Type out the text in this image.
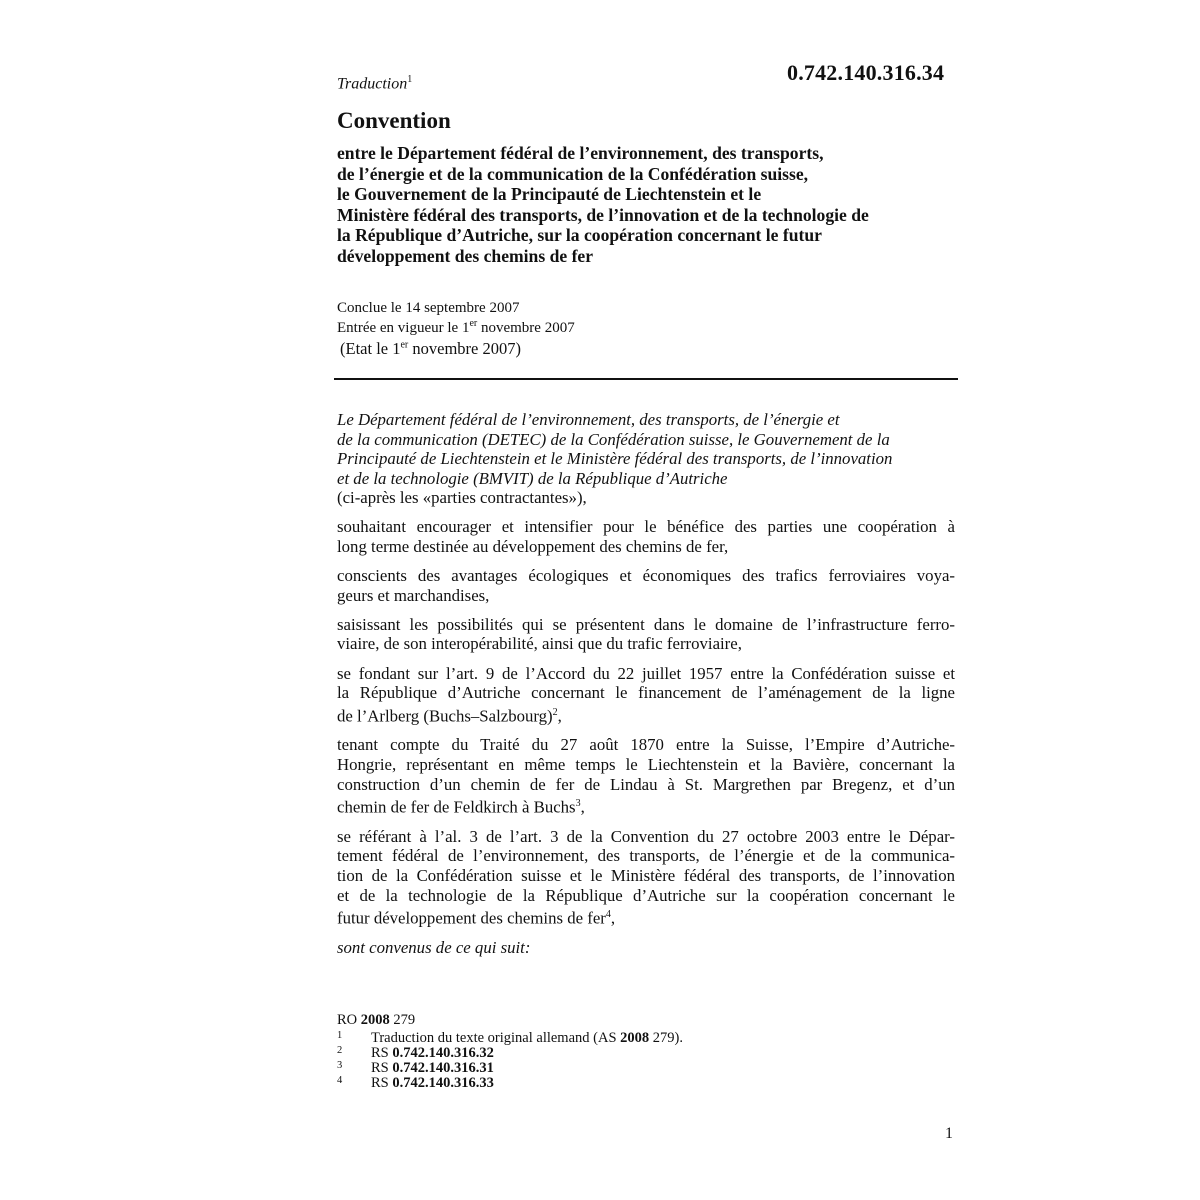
0.742.140.316.34
Traduction$^1$
Convention
entre le Département fédéral de l’environnement, des transports,
de l’énergie et de la communication de la Confédération suisse,
le Gouvernement de la Principauté de Liechtenstein et le
Ministère fédéral des transports, de l’innovation et de la technologie de
la République d’Autriche, sur la coopération concernant le futur
développement des chemins de fer
Conclue le 14 septembre 2007
Entrée en vigueur le 1er novembre 2007
(Etat le 1er novembre 2007)
Le Département fédéral de l’environnement, des transports, de l’énergie et
de la communication (DETEC) de la Confédération suisse, le Gouvernement de la
Principauté de Liechtenstein et le Ministère fédéral des transports, de l’innovation
et de la technologie (BMVIT) de la République d’Autriche

(ci-après les «parties contractantes»),

souhaitant encourager et intensifier pour le bénéfice des parties une coopération à
long terme destinée au développement des chemins de fer,

conscients des avantages écologiques et économiques des trafics ferroviaires voya-
geurs et marchandises,

saisissant les possibilités qui se présentent dans le domaine de l’infrastructure ferro-
viaire, de son interopérabilité, ainsi que du trafic ferroviaire,

se fondant sur l’art. 9 de l’Accord du 22 juillet 1957 entre la Confédération suisse et
la République d’Autriche concernant le financement de l’aménagement de la ligne
de l’Arlberg (Buchs–Salzbourg)$^2$,

tenant compte du Traité du 27 août 1870 entre la Suisse, l’Empire d’Autriche-
Hongrie, représentant en même temps le Liechtenstein et la Bavière, concernant la
construction d’un chemin de fer de Lindau à St. Margrethen par Bregenz, et d’un
chemin de fer de Feldkirch à Buchs$^3$,

se référant à l’al. 3 de l’art. 3 de la Convention du 27 octobre 2003 entre le Dépar-
tement fédéral de l’environnement, des transports, de l’énergie et de la communica-
tion de la Confédération suisse et le Ministère fédéral des transports, de l’innovation
et de la technologie de la République d’Autriche sur la coopération concernant le
futur développement des chemins de fer$^4$,

sont convenus de ce qui suit:

RO 2008 279
1 Traduction du texte original allemand (AS 2008 279).
2 RS 0.742.140.316.32
3 RS 0.742.140.316.31
4 RS 0.742.140.316.33
1
